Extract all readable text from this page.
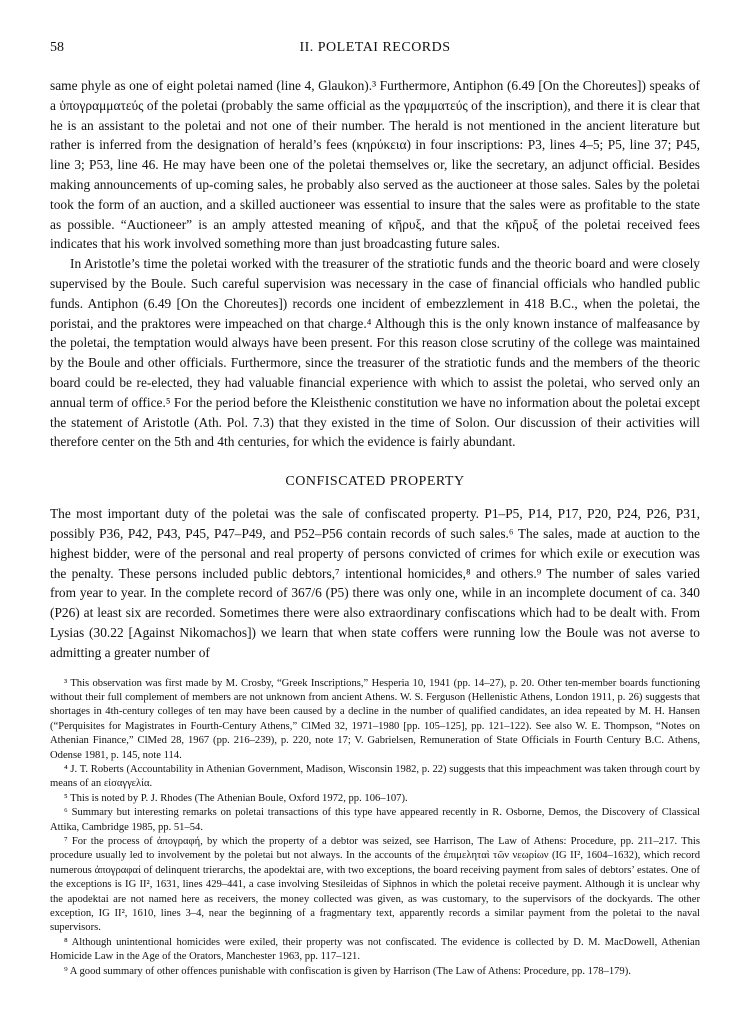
58	II. POLETAI RECORDS

same phyle as one of eight poletai named (line 4, Glaukon).³ Furthermore, Antiphon (6.49 [On the Choreutes]) speaks of a ὑπογραμματεύς of the poletai (probably the same official as the γραμματεύς of the inscription), and there it is clear that he is an assistant to the poletai and not one of their number. The herald is not mentioned in the ancient literature but rather is inferred from the designation of herald’s fees (κηρύκεια) in four inscriptions: P3, lines 4–5; P5, line 37; P45, line 3; P53, line 46. He may have been one of the poletai themselves or, like the secretary, an adjunct official. Besides making announcements of up-coming sales, he probably also served as the auctioneer at those sales. Sales by the poletai took the form of an auction, and a skilled auctioneer was essential to insure that the sales were as profitable to the state as possible. “Auctioneer” is an amply attested meaning of κῆρυξ, and that the κῆρυξ of the poletai received fees indicates that his work involved something more than just broadcasting future sales.

In Aristotle’s time the poletai worked with the treasurer of the stratiotic funds and the theoric board and were closely supervised by the Boule. Such careful supervision was necessary in the case of financial officials who handled public funds. Antiphon (6.49 [On the Choreutes]) records one incident of embezzlement in 418 B.C., when the poletai, the poristai, and the praktores were impeached on that charge.⁴ Although this is the only known instance of malfeasance by the poletai, the temptation would always have been present. For this reason close scrutiny of the college was maintained by the Boule and other officials. Furthermore, since the treasurer of the stratiotic funds and the members of the theoric board could be re-elected, they had valuable financial experience with which to assist the poletai, who served only an annual term of office.⁵ For the period before the Kleisthenic constitution we have no information about the poletai except the statement of Aristotle (Ath. Pol. 7.3) that they existed in the time of Solon. Our discussion of their activities will therefore center on the 5th and 4th centuries, for which the evidence is fairly abundant.

CONFISCATED PROPERTY

The most important duty of the poletai was the sale of confiscated property. P1–P5, P14, P17, P20, P24, P26, P31, possibly P36, P42, P43, P45, P47–P49, and P52–P56 contain records of such sales.⁶ The sales, made at auction to the highest bidder, were of the personal and real property of persons convicted of crimes for which exile or execution was the penalty. These persons included public debtors,⁷ intentional homicides,⁸ and others.⁹ The number of sales varied from year to year. In the complete record of 367/6 (P5) there was only one, while in an incomplete document of ca. 340 (P26) at least six are recorded. Sometimes there were also extraordinary confiscations which had to be dealt with. From Lysias (30.22 [Against Nikomachos]) we learn that when state coffers were running low the Boule was not averse to admitting a greater number of

³ This observation was first made by M. Crosby, “Greek Inscriptions,” Hesperia 10, 1941 (pp. 14–27), p. 20. Other ten-member boards functioning without their full complement of members are not unknown from ancient Athens. W. S. Ferguson (Hellenistic Athens, London 1911, p. 26) suggests that shortages in 4th-century colleges of ten may have been caused by a decline in the number of qualified candidates, an idea repeated by M. H. Hansen (“Perquisites for Magistrates in Fourth-Century Athens,” ClMed 32, 1971–1980 [pp. 105–125], pp. 121–122). See also W. E. Thompson, “Notes on Athenian Finance,” ClMed 28, 1967 (pp. 216–239), p. 220, note 17; V. Gabrielsen, Remuneration of State Officials in Fourth Century B.C. Athens, Odense 1981, p. 145, note 114.

⁴ J. T. Roberts (Accountability in Athenian Government, Madison, Wisconsin 1982, p. 22) suggests that this impeachment was taken through court by means of an εἰσαγγελία.

⁵ This is noted by P. J. Rhodes (The Athenian Boule, Oxford 1972, pp. 106–107).

⁶ Summary but interesting remarks on poletai transactions of this type have appeared recently in R. Osborne, Demos, the Discovery of Classical Attika, Cambridge 1985, pp. 51–54.

⁷ For the process of ἀπογραφή, by which the property of a debtor was seized, see Harrison, The Law of Athens: Procedure, pp. 211–217. This procedure usually led to involvement by the poletai but not always. In the accounts of the ἐπιμεληταὶ τῶν νεωρίων (IG II², 1604–1632), which record numerous ἀπογραφαί of delinquent trierarchs, the apodektai are, with two exceptions, the board receiving payment from sales of debtors’ estates. One of the exceptions is IG II², 1631, lines 429–441, a case involving Stesileidas of Siphnos in which the poletai receive payment. Although it is unclear why the apodektai are not named here as receivers, the money collected was given, as was customary, to the supervisors of the dockyards. The other exception, IG II², 1610, lines 3–4, near the beginning of a fragmentary text, apparently records a similar payment from the poletai to the naval supervisors.

⁸ Although unintentional homicides were exiled, their property was not confiscated. The evidence is collected by D. M. MacDowell, Athenian Homicide Law in the Age of the Orators, Manchester 1963, pp. 117–121.

⁹ A good summary of other offences punishable with confiscation is given by Harrison (The Law of Athens: Procedure, pp. 178–179).
